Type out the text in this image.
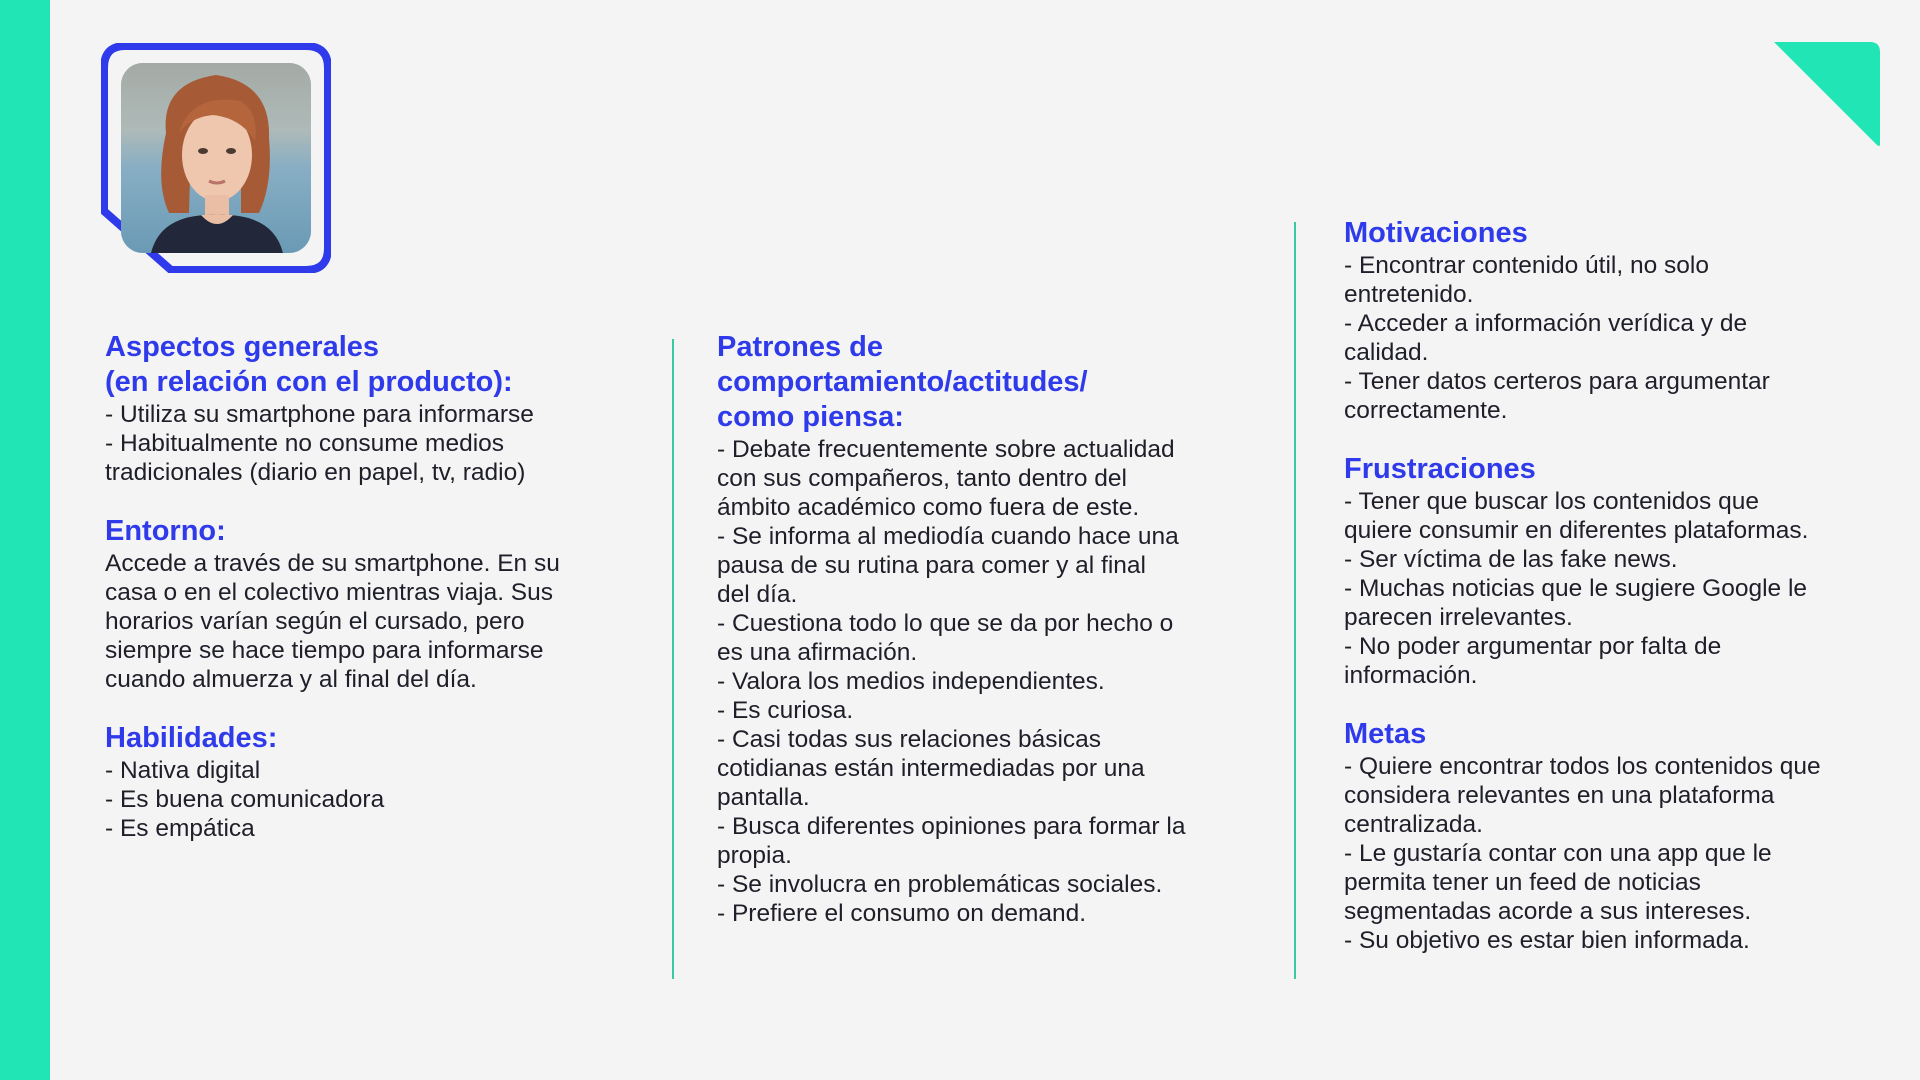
Aspectos generales
(en relación con el producto):

- Utiliza su smartphone para informarse
- Habitualmente no consume medios
tradicionales (diario en papel, tv, radio)

Entorno:

Accede a través de su smartphone. En su
casa o en el colectivo mientras viaja. Sus
horarios varían según el cursado, pero
siempre se hace tiempo para informarse
cuando almuerza y al final del día.

Habilidades:

- Nativa digital
- Es buena comunicadora
- Es empática

Patrones de
comportamiento/actitudes/
como piensa:

- Debate frecuentemente sobre actualidad
con sus compañeros, tanto dentro del
ámbito académico como fuera de este.
- Se informa al mediodía cuando hace una
pausa de su rutina para comer y al final
del día.
- Cuestiona todo lo que se da por hecho o
es una afirmación.
- Valora los medios independientes.
- Es curiosa.
- Casi todas sus relaciones básicas
cotidianas están intermediadas por una
pantalla.
- Busca diferentes opiniones para formar la
propia.
- Se involucra en problemáticas sociales.
- Prefiere el consumo on demand.

Motivaciones

- Encontrar contenido útil, no solo
entretenido.
- Acceder a información verídica y de
calidad.
- Tener datos certeros para argumentar
correctamente.

Frustraciones

- Tener que buscar los contenidos que
quiere consumir en diferentes plataformas.
- Ser víctima de las fake news.
- Muchas noticias que le sugiere Google le
parecen irrelevantes.
- No poder argumentar por falta de
información.

Metas

- Quiere encontrar todos los contenidos que
considera relevantes en una plataforma
centralizada.
- Le gustaría contar con una app que le
permita tener un feed de noticias
segmentadas acorde a sus intereses.
- Su objetivo es estar bien informada.
